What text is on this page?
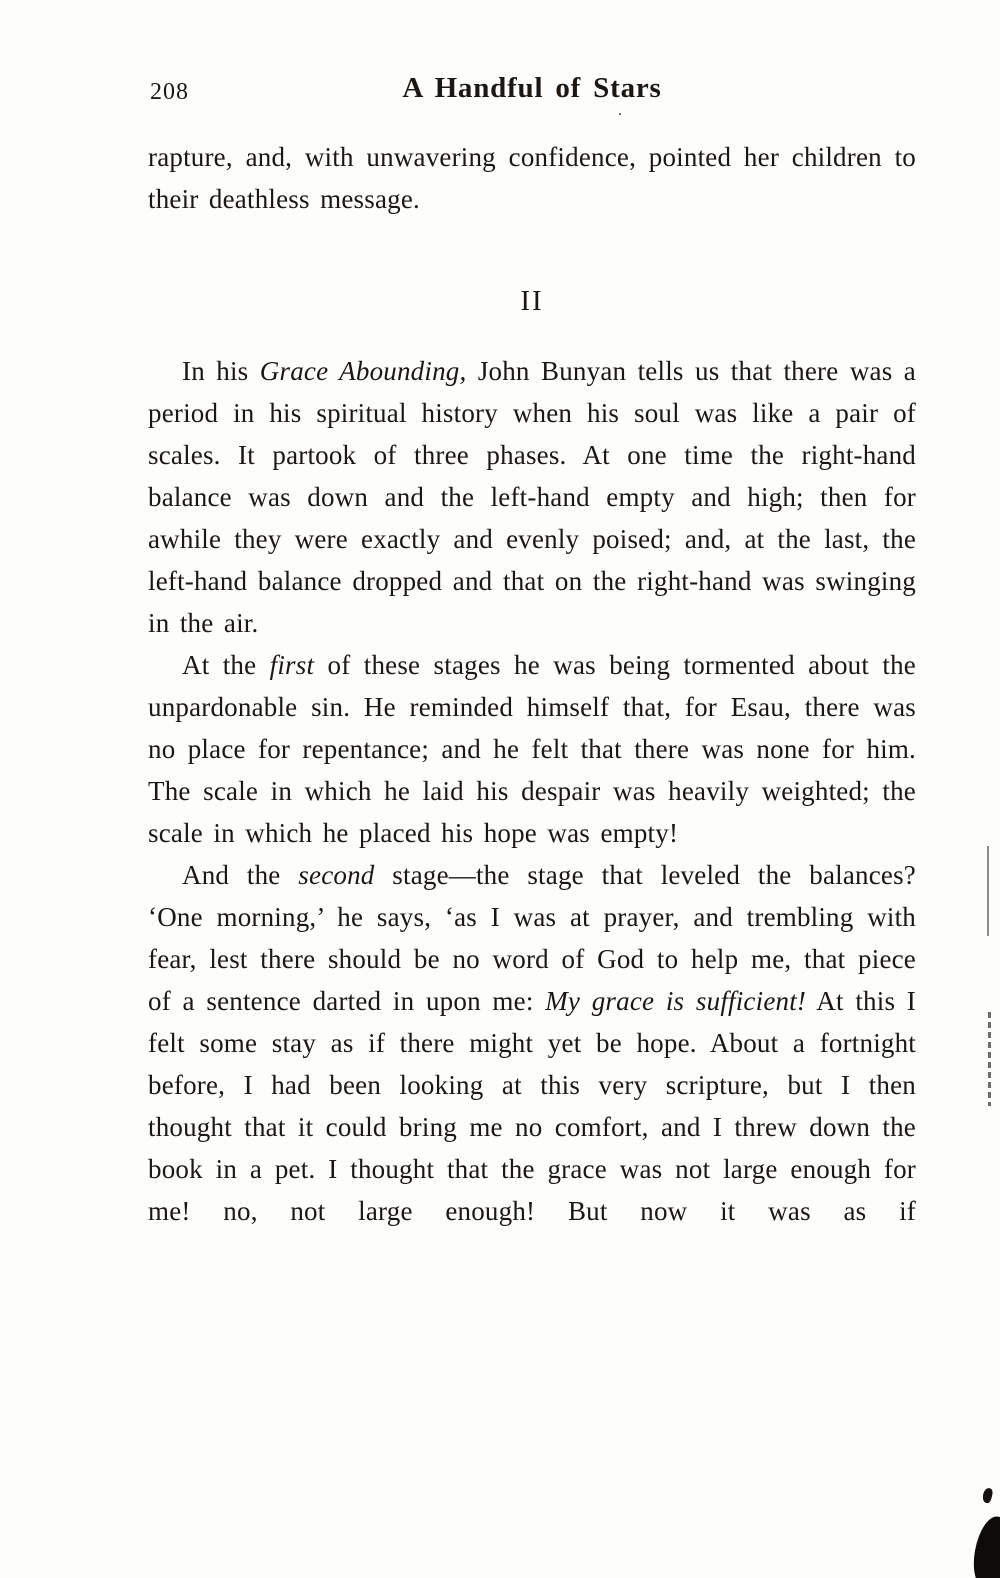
208	A Handful of Stars
.

rapture, and, with unwavering confidence, pointed her children to their deathless message.

II

In his Grace Abounding, John Bunyan tells us that there was a period in his spiritual history when his soul was like a pair of scales. It partook of three phases. At one time the right-hand balance was down and the left-hand empty and high; then for awhile they were exactly and evenly poised; and, at the last, the left-hand balance dropped and that on the right-hand was swinging in the air.

At the first of these stages he was being tormented about the unpardonable sin. He reminded himself that, for Esau, there was no place for repentance; and he felt that there was none for him. The scale in which he laid his despair was heavily weighted; the scale in which he placed his hope was empty!

And the second stage—the stage that leveled the balances? ‘One morning,’ he says, ‘as I was at prayer, and trembling with fear, lest there should be no word of God to help me, that piece of a sentence darted in upon me: My grace is sufficient! At this I felt some stay as if there might yet be hope. About a fortnight before, I had been looking at this very scripture, but I then thought that it could bring me no comfort, and I threw down the book in a pet. I thought that the grace was not large enough for me! no, not large enough! But now it was as if
